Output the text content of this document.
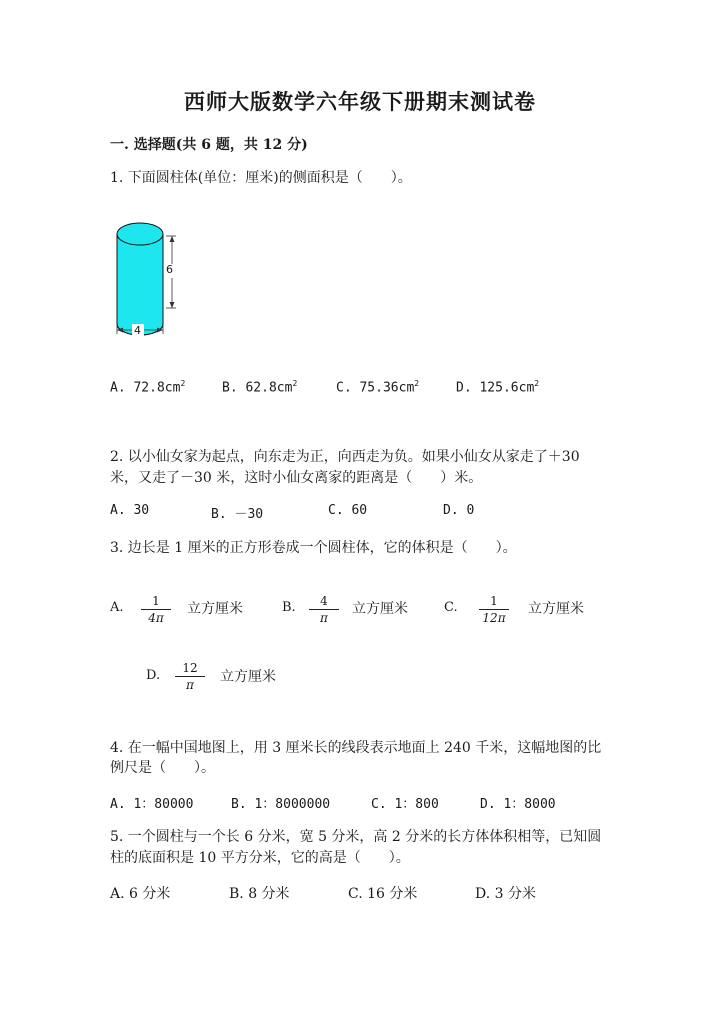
西师大版数学六年级下册期末测试卷
一. 选择题(共 6 题，共 12 分)
1. 下面圆柱体(单位：厘米)的侧面积是（　　）。
6
4
A. $72.8cm^2$	B. $62.8cm^2$	C. $75.36cm^2$	D. $125.6cm^2$
2. 以小仙女家为起点，向东走为正，向西走为负。如果小仙女从家走了＋30
米，又走了－30 米，这时小仙女离家的距离是（　　）米。
A. 30	B. －30	C. 60	D. 0
3. 边长是 1 厘米的正方形卷成一个圆柱体，它的体积是（　　）。
A. $\frac{1}{4\pi}$ 立方厘米	B. $\frac{4}{\pi}$ 立方厘米	C. $\frac{1}{12\pi}$ 立方厘米
D. $\frac{12}{\pi}$ 立方厘米
4. 在一幅中国地图上，用 3 厘米长的线段表示地面上 240 千米，这幅地图的比
例尺是（　　）。
A. 1：80000	B. 1：8000000	C. 1：800	D. 1：8000
5. 一个圆柱与一个长 6 分米，宽 5 分米，高 2 分米的长方体体积相等，已知圆
柱的底面积是 10 平方分米，它的高是（　　）。
A. 6 分米	B. 8 分米	C. 16 分米	D. 3 分米
